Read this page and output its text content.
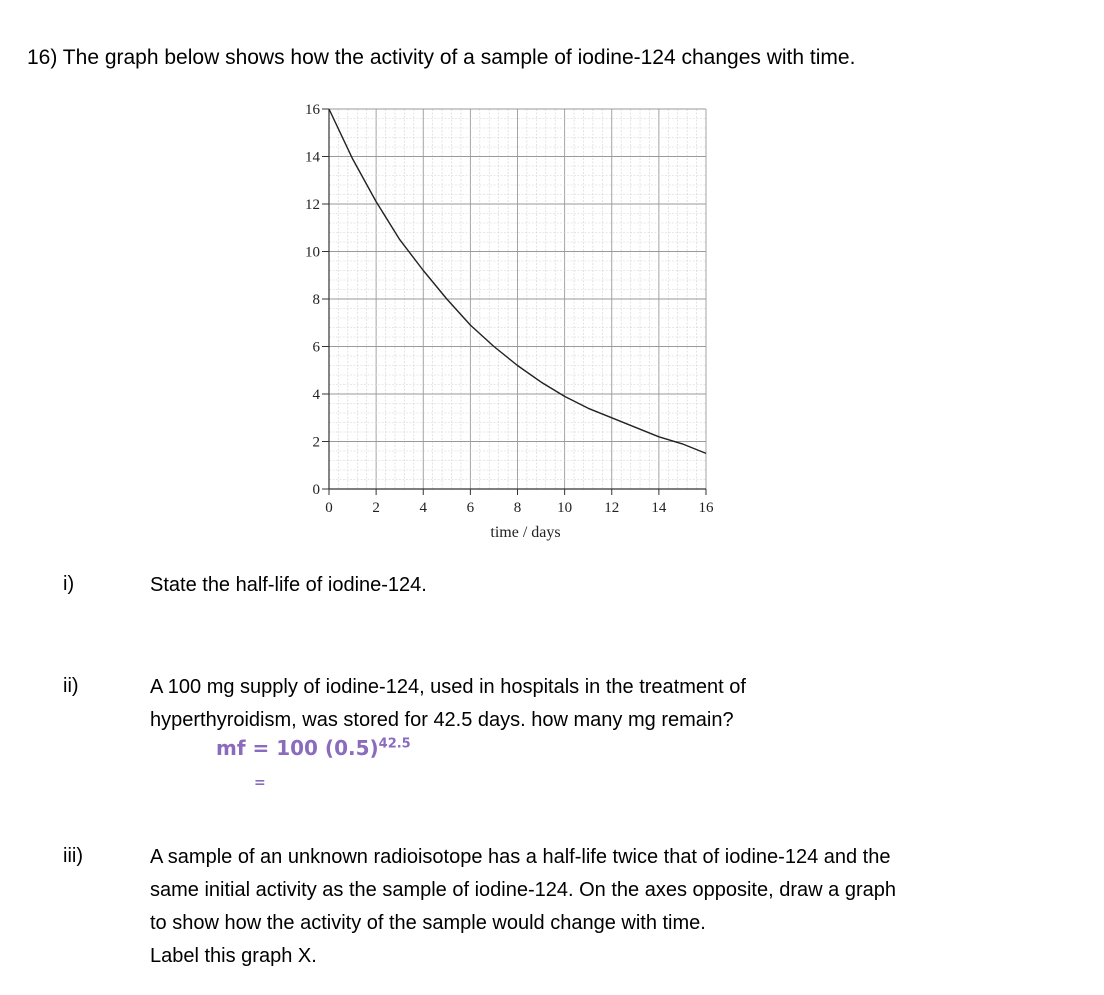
16) The graph below shows how the activity of a sample of iodine-124 changes with time.
0
2
4
6
8
10
12
14
16
0	2	4	6	8 10 12 14 16
time / days
i)	State the half-life of iodine-124.
ii)	A 100 mg supply of iodine-124, used in hospitals in the treatment of
hyperthyroidism, was stored for 42.5 days. how many mg remain?
mf = 100 $(0.5)^{42.5}$
=
iii)	A sample of an unknown radioisotope has a half-life twice that of iodine-124 and the
same initial activity as the sample of iodine-124. On the axes opposite, draw a graph
to show how the activity of the sample would change with time.
Label this graph X.
